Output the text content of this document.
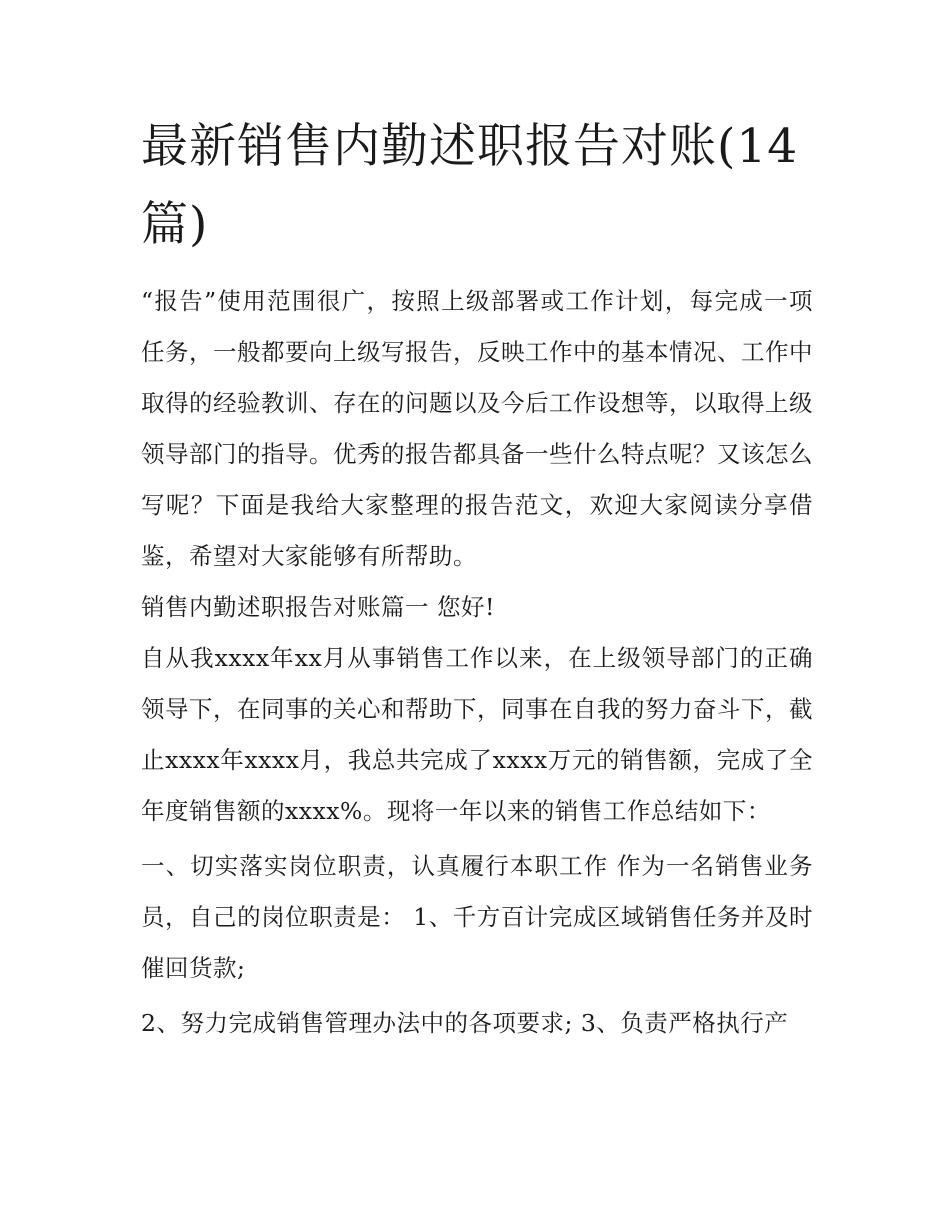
最新销售内勤述职报告对账(14篇)

“报告”使用范围很广，按照上级部署或工作计划，每完成一项任务，一般都要向上级写报告，反映工作中的基本情况、工作中取得的经验教训、存在的问题以及今后工作设想等，以取得上级领导部门的指导。优秀的报告都具备一些什么特点呢？又该怎么写呢？下面是我给大家整理的报告范文，欢迎大家阅读分享借鉴，希望对大家能够有所帮助。

销售内勤述职报告对账篇一 您好!

自从我xxxx年xx月从事销售工作以来，在上级领导部门的正确领导下，在同事的关心和帮助下，同事在自我的努力奋斗下，截止xxxx年xxxx月，我总共完成了xxxx万元的销售额，完成了全年度销售额的xxxx%。现将一年以来的销售工作总结如下：

一、切实落实岗位职责，认真履行本职工作 作为一名销售业务员，自己的岗位职责是： 1、千方百计完成区域销售任务并及时催回货款;

2、努力完成销售管理办法中的各项要求; 3、负责严格执行产
